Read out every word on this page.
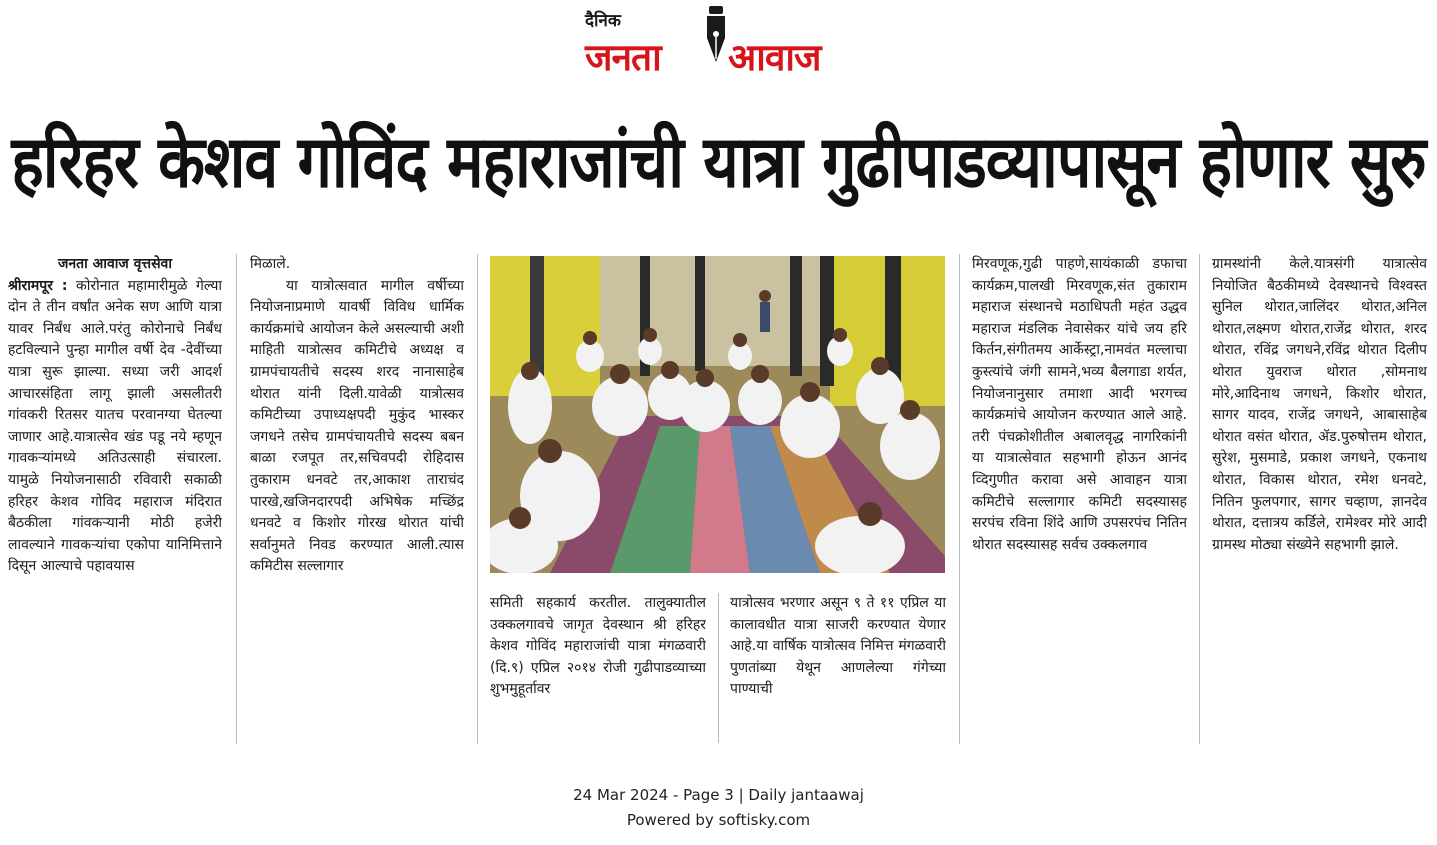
दैनिक
जनता आवाज
हरिहर केशव गोविंद महाराजांची यात्रा गुढीपाडव्यापासून होणार सुरु

जनता आवाज वृत्तसेवा

श्रीरामपूर : कोरोनात महामारीमुळे गेल्या दोन ते तीन वर्षांत अनेक सण आणि यात्रा यावर निर्बंध आले.परंतु कोरोनाचे निर्बंध हटविल्याने पुन्हा मागील वर्षी देव -देवींच्या यात्रा सुरू झाल्या. सध्या जरी आदर्श आचारसंहिता लागू झाली असलीतरी गांवकरी रितसर यातच परवानग्या घेतल्या जाणार आहे.यात्रात्सेव खंड पडू नये म्हणून गावकऱ्यांमध्ये अतिउत्साही संचारला. यामुळे नियोजनासाठी रविवारी सकाळी हरिहर केशव गोविद महाराज मंदिरात बैठकीला गांवकऱ्यानी मोठी हजेरी लावल्याने गावकऱ्यांचा एकोपा यानिमित्ताने दिसून आल्याचे पहावयास

मिळाले.

या यात्रोत्सवात मागील वर्षीच्या नियोजनाप्रमाणे यावर्षी विविध धार्मिक कार्यक्रमांचे आयोजन केले असल्याची अशी माहिती यात्रोत्सव कमिटीचे अध्यक्ष व ग्रामपंचायतीचे सदस्य शरद नानासाहेब थोरात यांनी दिली.यावेळी यात्रोत्सव कमिटीच्या उपाध्यक्षपदी मुकुंद भास्कर जगधने तसेच ग्रामपंचायतीचे सदस्य बबन बाळा रजपूत तर,सचिवपदी रोहिदास तुकाराम धनवटे तर,आकाश ताराचंद पारखे,खजिनदारपदी अभिषेक मच्छिंद्र धनवटे व किशोर गोरख थोरात यांची सर्वानुमते निवड करण्यात आली.त्यास कमिटीस सल्लागार

समिती सहकार्य करतील. तालुक्यातील उक्कलगावचे जागृत देवस्थान श्री हरिहर केशव गोविंद महाराजांची यात्रा मंगळवारी (दि.९) एप्रिल २०१४ रोजी गुढीपाडव्याच्या शुभमुहूर्तावर

यात्रोत्सव भरणार असून ९ ते ११ एप्रिल या कालावधीत यात्रा साजरी करण्यात येणार आहे.या वार्षिक यात्रोत्सव निमित्त मंगळवारी पुणतांब्या येथून आणलेल्या गंगेच्या पाण्याची

मिरवणूक,गुढी पाहणे,सायंकाळी डफाचा कार्यक्रम,पालखी मिरवणूक,संत तुकाराम महाराज संस्थानचे मठाधिपती महंत उद्धव महाराज मंडलिक नेवासेकर यांचे जय हरि किर्तन,संगीतमय आर्केस्ट्रा,नामवंत मल्लाचा कुस्त्यांचे जंगी सामने,भव्य बैलगाडा शर्यत, नियोजनानुसार तमाशा आदी भरगच्च कार्यक्रमांचे आयोजन करण्यात आले आहे. तरी पंचक्रोशीतील अबालवृद्ध नागरिकांनी या यात्रात्सेवात सहभागी होऊन आनंद व्दिगुणीत करावा असे आवाहन यात्रा कमिटीचे सल्लागार कमिटी सदस्यासह सरपंच रविना शिंदे आणि उपसरपंच नितिन थोरात सदस्यासह सर्वच उक्कलगाव

ग्रामस्थांनी केले.यात्रसंगी यात्रात्सेव नियोजित बैठकीमध्ये देवस्थानचे विश्वस्त सुनिल थोरात,जालिंदर थोरात,अनिल थोरात,लक्ष्मण थोरात,राजेंद्र थोरात, शरद थोरात, रविंद्र जगधने,रविंद्र थोरात दिलीप थोरात युवराज थोरात ,सोमनाथ मोरे,आदिनाथ जगधने, किशोर थोरात, सागर यादव, राजेंद्र जगधने, आबासाहेब थोरात वसंत थोरात, ॲड.पुरुषोत्तम थोरात, सुरेश, मुसमाडे, प्रकाश जगधने, एकनाथ थोरात, विकास थोरात, रमेश धनवटे, नितिन फुलपगार, सागर चव्हाण, ज्ञानदेव थोरात, दत्तात्रय कर्डिले, रामेश्वर मोरे आदी ग्रामस्थ मोठ्या संख्येने सहभागी झाले.

24 Mar 2024 - Page 3 | Daily jantaawaj
Powered by softisky.com
